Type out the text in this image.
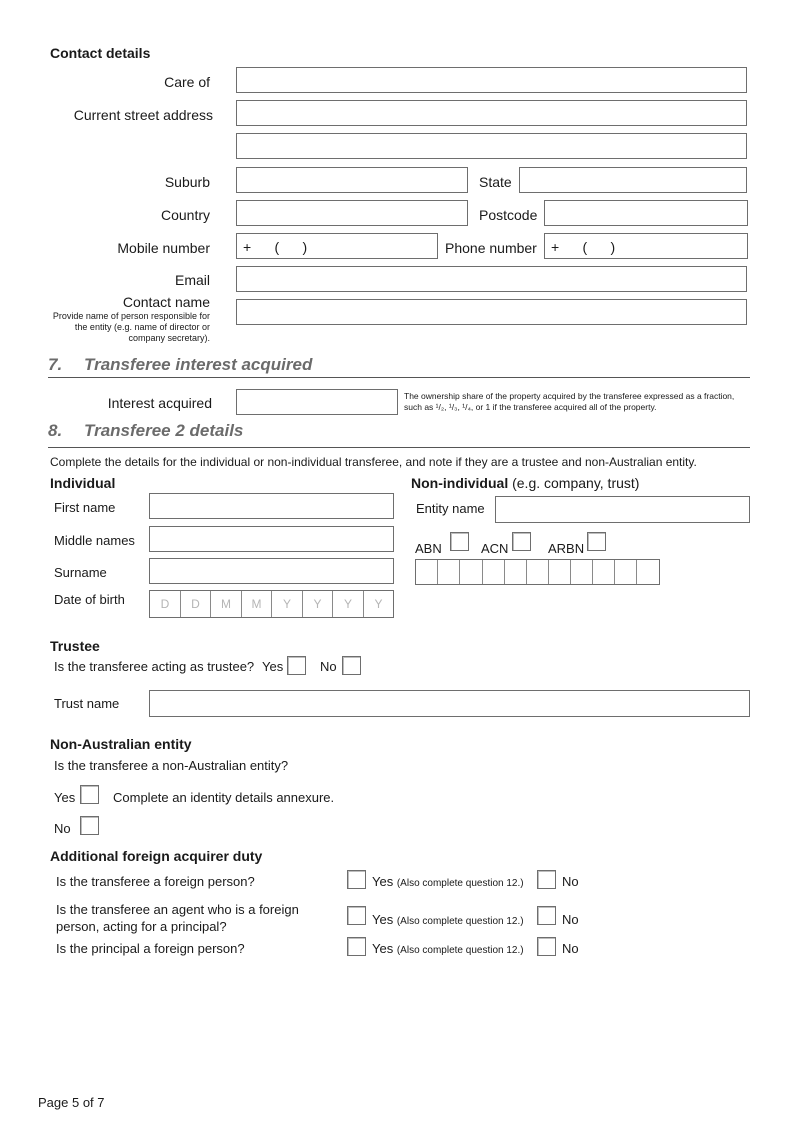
Contact details
Care of
Current street address
Suburb	State
Country	Postcode
Mobile number +      (      )	Phone number +      (      )
Email
Contact name
Provide name of person responsible for the entity (e.g. name of director or company secretary).
7. Transferee interest acquired
Interest acquired	The ownership share of the property acquired by the transferee expressed as a fraction, such as ¹/₂, ¹/₃, ¹/₄, or 1 if the transferee acquired all of the property.
8. Transferee 2 details
Complete the details for the individual or non-individual transferee, and note if they are a trustee and non-Australian entity.
Individual
First name
Middle names
Surname
Date of birth	D	D	M	M	Y	Y	Y	Y
Non-individual (e.g. company, trust)
Entity name
ABN	ACN	ARBN
Trustee
Is the transferee acting as trustee? Yes	No
Trust name
Non-Australian entity
Is the transferee a non-Australian entity?
Yes	Complete an identity details annexure.
No
Additional foreign acquirer duty
Is the transferee a foreign person?	Yes (Also complete question 12.)	No
Is the transferee an agent who is a foreign
person, acting for a principal?	Yes (Also complete question 12.)	No
Is the principal a foreign person?	Yes (Also complete question 12.)	No
Page 5 of 7
